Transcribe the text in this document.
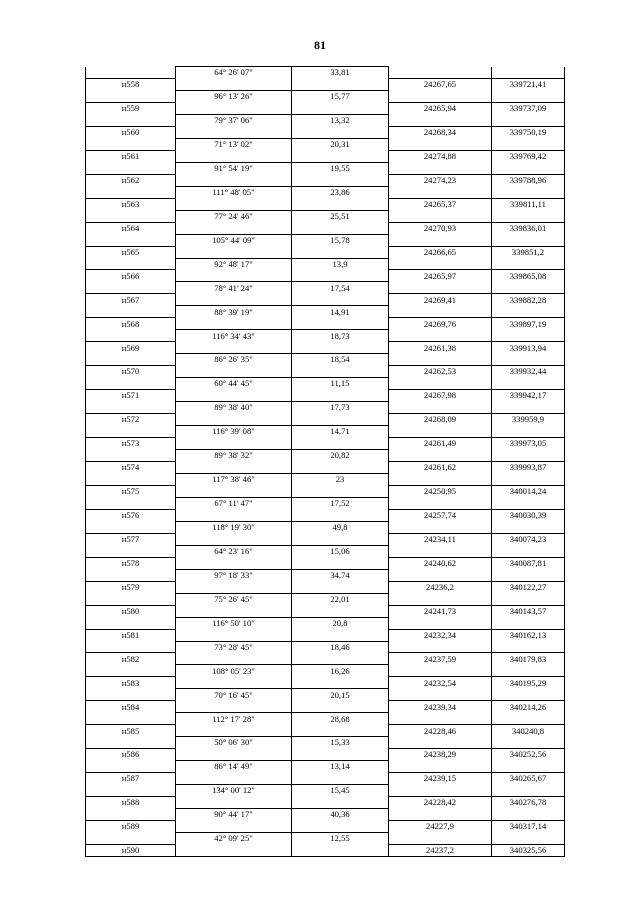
81
	64° 26' 07"	33,81		
н558			24267,65	339721,41
	96° 13' 26"	15,77		
н559			24265,94	339737,09
	79° 37' 06"	13,32		
н560			24268,34	339750,19
	71° 13' 02"	20,31		
н561			24274,88	339769,42
	91° 54' 19"	19,55		
н562			24274,23	339788,96
	111° 48' 05"	23,86		
н563			24265,37	339811,11
	77° 24' 46"	25,51		
н564			24270,93	339836,01
	105° 44' 09"	15,78		
н565			24266,65	339851,2
	92° 48' 17"	13,9		
н566			24265,97	339865,08
	78° 41' 24"	17,54		
н567			24269,41	339882,28
	88° 39' 19"	14,91		
н568			24269,76	339897,19
	116° 34' 43"	18,73		
н569			24261,38	339913,94
	86° 26' 35"	18,54		
н570			24262,53	339932,44
	60° 44' 45"	11,15		
н571			24267,98	339942,17
	89° 38' 40"	17,73		
н572			24268,09	339959,9
	116° 39' 08"	14,71		
н573			24261,49	339973,05
	89° 38' 32"	20,82		
н574			24261,62	339993,87
	117° 38' 46"	23		
н575			24250,95	340014,24
	67° 11' 47"	17,52		
н576			24257,74	340030,39
	118° 19' 30"	49,8		
н577			24234,11	340074,23
	64° 23' 16"	15,06		
н578			24240,62	340087,81
	97° 18' 33"	34,74		
н579			24236,2	340122,27
	75° 26' 45"	22,01		
н580			24241,73	340143,57
	116° 50' 10"	20,8		
н581			24232,34	340162,13
	73° 28' 45"	18,46		
н582			24237,59	340179,83
	108° 05' 23"	16,26		
н583			24232,54	340195,29
	70° 16' 45"	20,15		
н584			24239,34	340214,26
	112° 17' 28"	28,68		
н585			24228,46	340240,8
	50° 06' 30"	15,33		
н586			24238,29	340252,56
	86° 14' 49"	13,14		
н587			24239,15	340265,67
	134° 00' 12"	15,45		
н588			24228,42	340276,78
	90° 44' 17"	40,36		
н589			24227,9	340317,14
	42° 09' 25"	12,55		
н590			24237,2	340325,56
